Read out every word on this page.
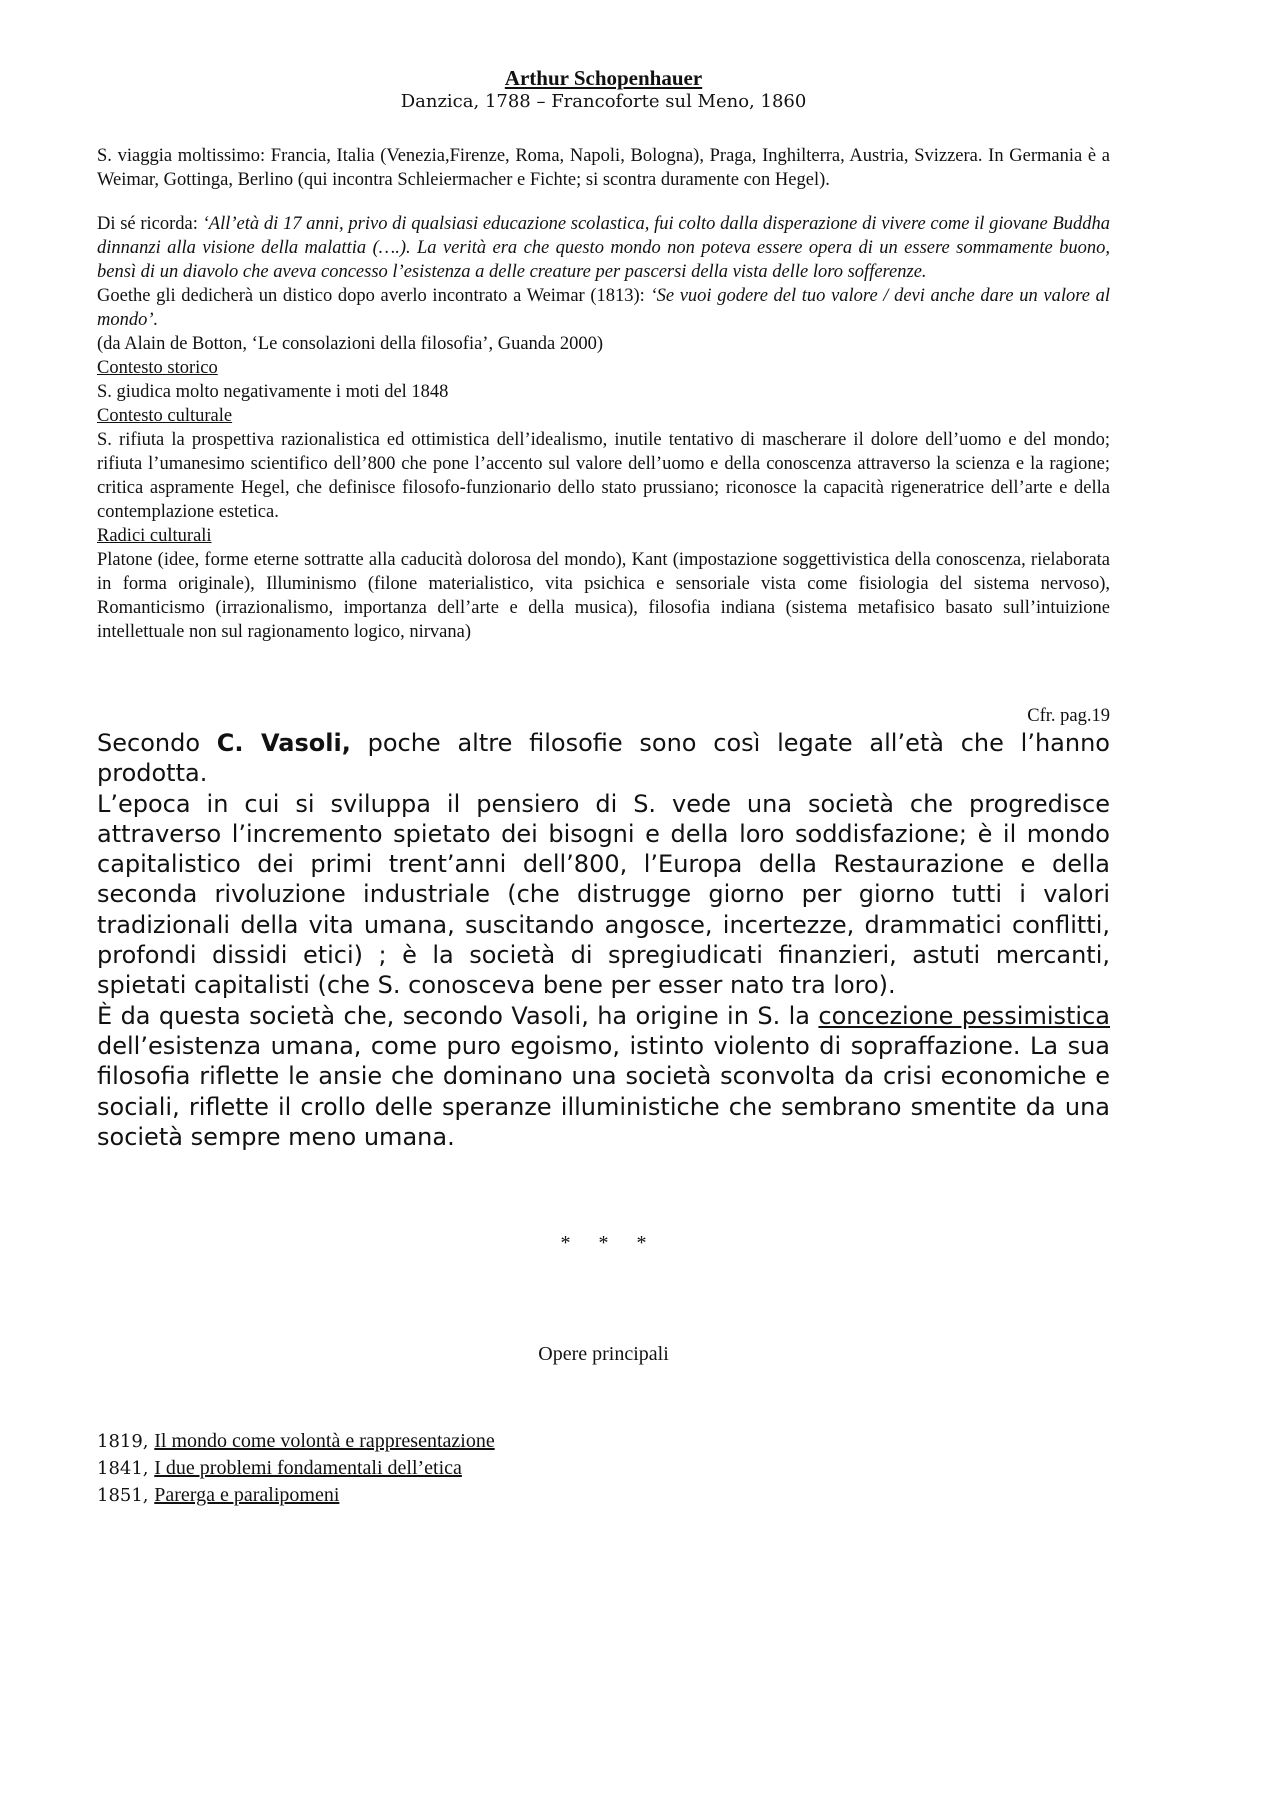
Arthur Schopenhauer
Danzica, 1788 – Francoforte sul Meno, 1860

S. viaggia moltissimo: Francia, Italia (Venezia,Firenze, Roma, Napoli, Bologna), Praga, Inghilterra, Austria, Svizzera. In Germania è a Weimar, Gottinga, Berlino (qui incontra Schleiermacher e Fichte; si scontra duramente con Hegel).

Di sé ricorda: ‘All’età di 17 anni, privo di qualsiasi educazione scolastica, fui colto dalla disperazione di vivere come il giovane Buddha dinnanzi alla visione della malattia (….). La verità era che questo mondo non poteva essere opera di un essere sommamente buono, bensì di un diavolo che aveva concesso l’esistenza a delle creature per pascersi della vista delle loro sofferenze.

Goethe gli dedicherà un distico dopo averlo incontrato a Weimar (1813): ‘Se vuoi godere del tuo valore / devi anche dare un valore al mondo’.

(da Alain de Botton, ‘Le consolazioni della filosofia’, Guanda 2000)

Contesto storico

S. giudica molto negativamente i moti del 1848

Contesto culturale

S. rifiuta la prospettiva razionalistica ed ottimistica dell’idealismo, inutile tentativo di mascherare il dolore dell’uomo e del mondo; rifiuta l’umanesimo scientifico dell’800 che pone l’accento sul valore dell’uomo e della conoscenza attraverso la scienza e la ragione; critica aspramente Hegel, che definisce filosofo-funzionario dello stato prussiano; riconosce la capacità rigeneratrice dell’arte e della contemplazione estetica.

Radici culturali

Platone (idee, forme eterne sottratte alla caducità dolorosa del mondo), Kant (impostazione soggettivistica della conoscenza, rielaborata in forma originale), Illuminismo (filone materialistico, vita psichica e sensoriale vista come fisiologia del sistema nervoso), Romanticismo (irrazionalismo, importanza dell’arte e della musica), filosofia indiana (sistema metafisico basato sull’intuizione intellettuale non sul ragionamento logico, nirvana)

Cfr. pag.19

Secondo C. Vasoli, poche altre filosofie sono così legate all’età che l’hanno prodotta.

L’epoca in cui si sviluppa il pensiero di S. vede una società che progredisce attraverso l’incremento spietato dei bisogni e della loro soddisfazione; è il mondo capitalistico dei primi trent’anni dell’800, l’Europa della Restaurazione e della seconda rivoluzione industriale (che distrugge giorno per giorno tutti i valori tradizionali della vita umana, suscitando angosce, incertezze, drammatici conflitti, profondi dissidi etici) ; è la società di spregiudicati finanzieri, astuti mercanti, spietati capitalisti (che S. conosceva bene per esser nato tra loro).

È da questa società che, secondo Vasoli, ha origine in S. la concezione pessimistica dell’esistenza umana, come puro egoismo, istinto violento di sopraffazione. La sua filosofia riflette le ansie che dominano una società sconvolta da crisi economiche e sociali, riflette il crollo delle speranze illuministiche che sembrano smentite da una società sempre meno umana.

* * *
Opere principali
1819, Il mondo come volontà e rappresentazione
1841, I due problemi fondamentali dell’etica
1851, Parerga e paralipomeni
